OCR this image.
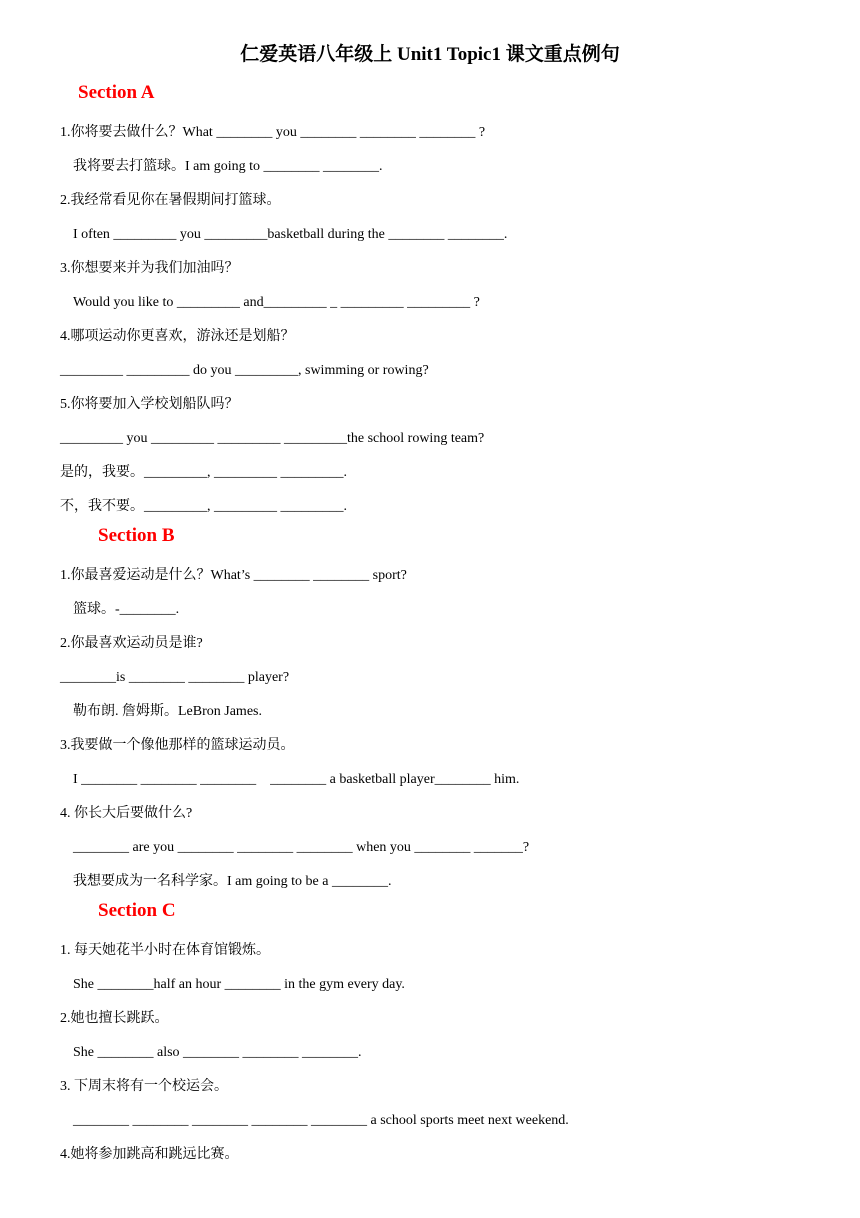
仁爱英语八年级上 Unit1 Topic1 课文重点例句
Section A
1.你将要去做什么？What ________ you ________ ________ ________ ?
我将要去打篮球。I am going to ________ ________.
2.我经常看见你在暑假期间打篮球。
I often _________ you _________basketball during the ________ ________.
3.你想要来并为我们加油吗？
Would you like to _________ and_________ _ _________ _________ ?
4.哪项运动你更喜欢，游泳还是划船？
_________ _________ do you _________, swimming or rowing?
5.你将要加入学校划船队吗？
_________ you _________ _________ _________the school rowing team?
是的，我要。_________, _________ _________.
不，我不要。_________, _________ _________.
Section B
1.你最喜爱运动是什么？What’s ________ ________ sport?
篮球。-________.
2.你最喜欢运动员是谁?
________is ________ ________ player?
勒布朗. 詹姆斯。LeBron James.
3.我要做一个像他那样的篮球运动员。
I ________ ________ ________    ________ a basketball player________ him.
4. 你长大后要做什么?
________ are you ________ ________ ________ when you ________ _______?
我想要成为一名科学家。I am going to be a ________.
Section C
1. 每天她花半小时在体育馆锻炼。
She ________half an hour ________ in the gym every day.
2.她也擅长跳跃。
She ________ also ________ ________ ________.
3. 下周末将有一个校运会。
________ ________ ________ ________ ________ a school sports meet next weekend.
4.她将参加跳高和跳远比赛。
